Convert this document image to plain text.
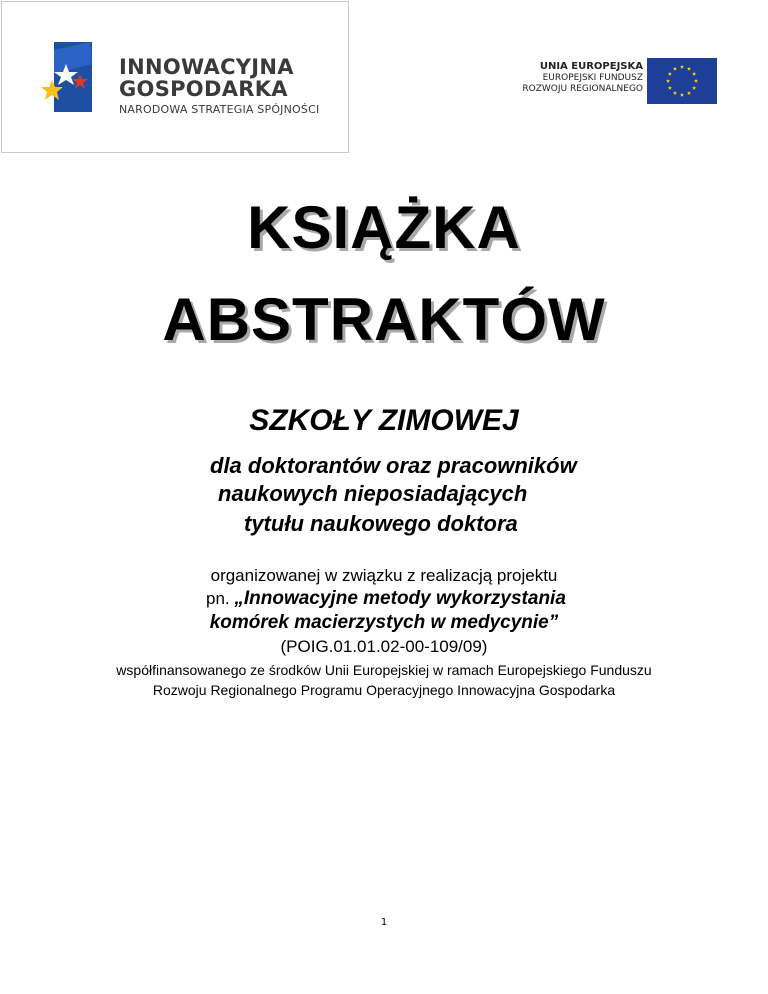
INNOWACYJNA
GOSPODARKA
NARODOWA STRATEGIA SPÓJNOŚCI
UNIA EUROPEJSKA
EUROPEJSKI FUNDUSZ
ROZWOJU REGIONALNEGO
KSIĄŻKA
ABSTRAKTÓW
SZKOŁY ZIMOWEJ
dla doktorantów oraz pracowników
naukowych nieposiadających
tytułu naukowego doktora
organizowanej w związku z realizacją projektu
pn. „Innowacyjne metody wykorzystania
komórek macierzystych w medycynie”
(POIG.01.01.02-00-109/09)
współfinansowanego ze środków Unii Europejskiej w ramach Europejskiego Funduszu
Rozwoju Regionalnego Programu Operacyjnego Innowacyjna Gospodarka
1
